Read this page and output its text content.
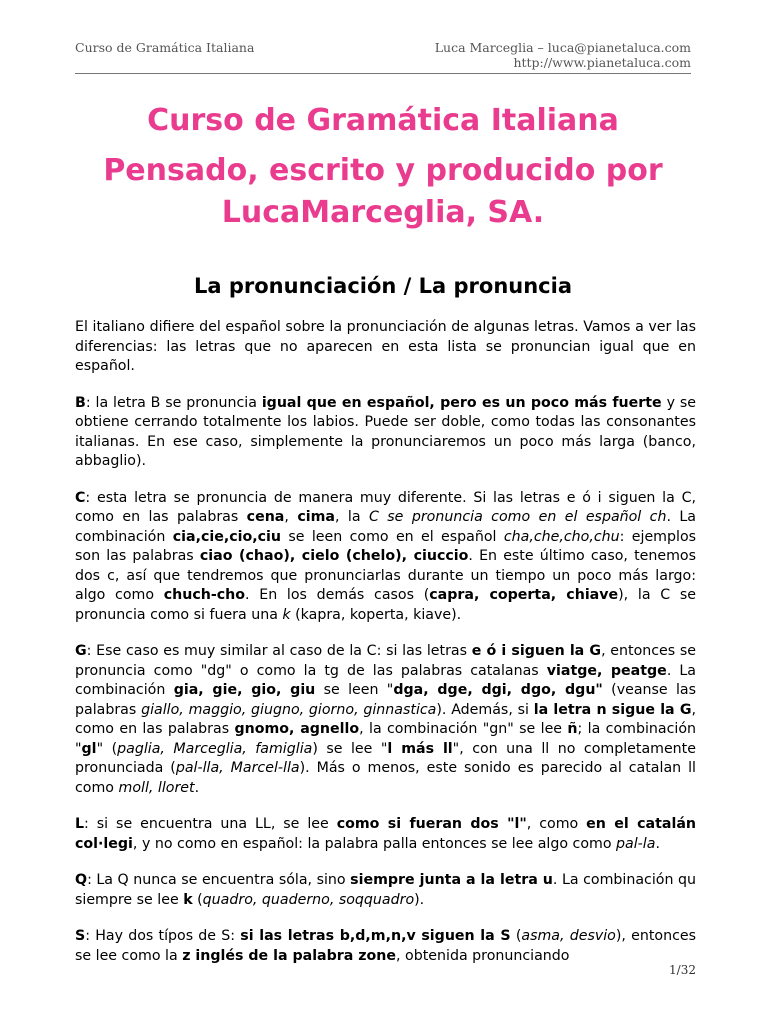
Curso de Gramática Italiana	Luca Marceglia – luca@pianetaluca.com
http://www.pianetaluca.com
Curso de Gramática Italiana
Pensado, escrito y producido por LucaMarceglia, SA.
La pronunciación / La pronuncia

El italiano difiere del español sobre la pronunciación de algunas letras. Vamos a ver las diferencias: las letras que no aparecen en esta lista se pronuncian igual que en español.

B: la letra B se pronuncia igual que en español, pero es un poco más fuerte y se obtiene cerrando totalmente los labios. Puede ser doble, como todas las consonantes italianas. En ese caso, simplemente la pronunciaremos un poco más larga (banco, abbaglio).

C: esta letra se pronuncia de manera muy diferente. Si las letras e ó i siguen la C, como en las palabras cena, cima, la C se pronuncia como en el español ch. La combinación cia,cie,cio,ciu se leen como en el español cha,che,cho,chu: ejemplos son las palabras ciao (chao), cielo (chelo), ciuccio. En este último caso, tenemos dos c, así que tendremos que pronunciarlas durante un tiempo un poco más largo: algo como chuch-cho. En los demás casos (capra, coperta, chiave), la C se pronuncia como si fuera una k (kapra, koperta, kiave).

G: Ese caso es muy similar al caso de la C: si las letras e ó i siguen la G, entonces se pronuncia como "dg" o como la tg de las palabras catalanas viatge, peatge. La combinación gia, gie, gio, giu se leen "dga, dge, dgi, dgo, dgu" (veanse las palabras giallo, maggio, giugno, giorno, ginnastica). Además, si la letra n sigue la G, como en las palabras gnomo, agnello, la combinación "gn" se lee ñ; la combinación "gl" (paglia, Marceglia, famiglia) se lee "l más ll", con una ll no completamente pronunciada (pal-lla, Marcel-lla). Más o menos, este sonido es parecido al catalan ll como moll, lloret.

L: si se encuentra una LL, se lee como si fueran dos "l", como en el catalán col·legi, y no como en español: la palabra palla entonces se lee algo como pal-la.

Q: La Q nunca se encuentra sóla, sino siempre junta a la letra u. La combinación qu siempre se lee k (quadro, quaderno, soqquadro).

S: Hay dos típos de S: si las letras b,d,m,n,v siguen la S (asma, desvio), entonces se lee como la z inglés de la palabra zone, obtenida pronunciando

1/32
